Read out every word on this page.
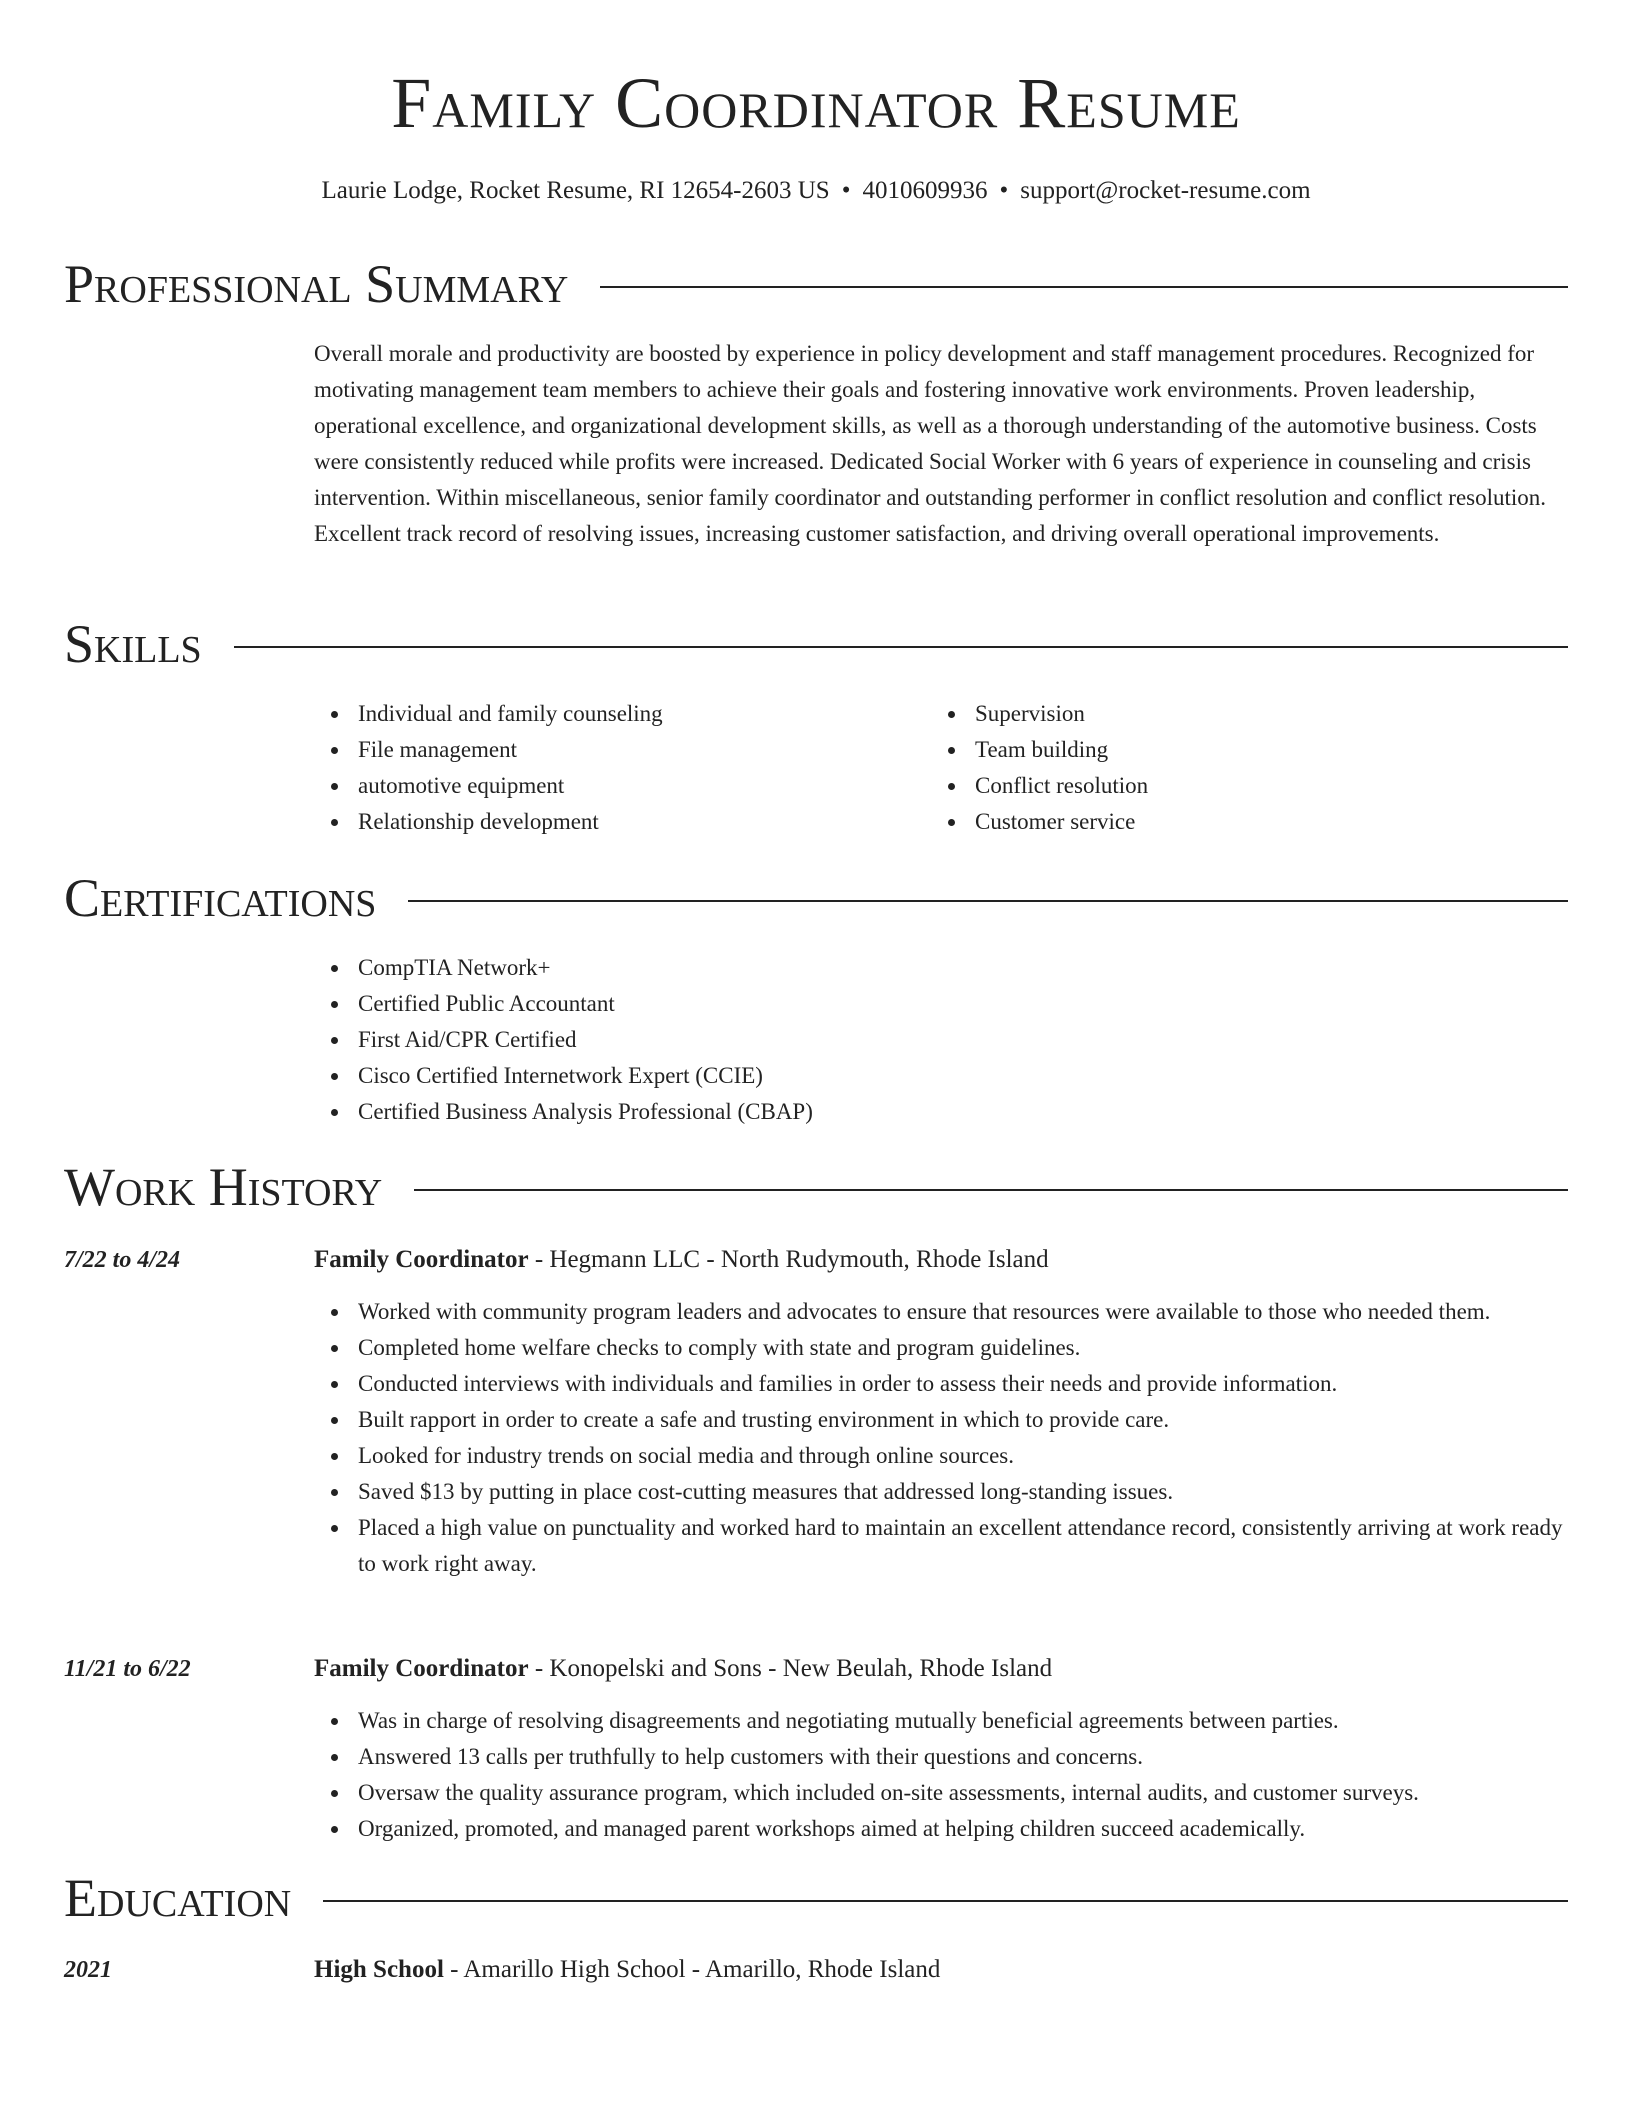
Family Coordinator Resume
Laurie Lodge, Rocket Resume, RI 12654-2603 US • 4010609936 • support@rocket-resume.com
Professional Summary

Overall morale and productivity are boosted by experience in policy development and staff management procedures. Recognized for motivating management team members to achieve their goals and fostering innovative work environments. Proven leadership, operational excellence, and organizational development skills, as well as a thorough understanding of the automotive business. Costs were consistently reduced while profits were increased. Dedicated Social Worker with 6 years of experience in counseling and crisis intervention. Within miscellaneous, senior family coordinator and outstanding performer in conflict resolution and conflict resolution. Excellent track record of resolving issues, increasing customer satisfaction, and driving overall operational improvements.

Skills
Individual and family counseling
File management
automotive equipment
Relationship development
Supervision
Team building
Conflict resolution
Customer service
Certifications
CompTIA Network+
Certified Public Accountant
First Aid/CPR Certified
Cisco Certified Internetwork Expert (CCIE)
Certified Business Analysis Professional (CBAP)
Work History
7/22 to 4/24	Family Coordinator - Hegmann LLC - North Rudymouth, Rhode Island
Worked with community program leaders and advocates to ensure that resources were available to those who needed them.
Completed home welfare checks to comply with state and program guidelines.
Conducted interviews with individuals and families in order to assess their needs and provide information.
Built rapport in order to create a safe and trusting environment in which to provide care.
Looked for industry trends on social media and through online sources.
Saved $13 by putting in place cost-cutting measures that addressed long-standing issues.
Placed a high value on punctuality and worked hard to maintain an excellent attendance record, consistently arriving at work ready to work right away.
11/21 to 6/22	Family Coordinator - Konopelski and Sons - New Beulah, Rhode Island
Was in charge of resolving disagreements and negotiating mutually beneficial agreements between parties.
Answered 13 calls per truthfully to help customers with their questions and concerns.
Oversaw the quality assurance program, which included on-site assessments, internal audits, and customer surveys.
Organized, promoted, and managed parent workshops aimed at helping children succeed academically.
Education
2021	High School - Amarillo High School - Amarillo, Rhode Island
